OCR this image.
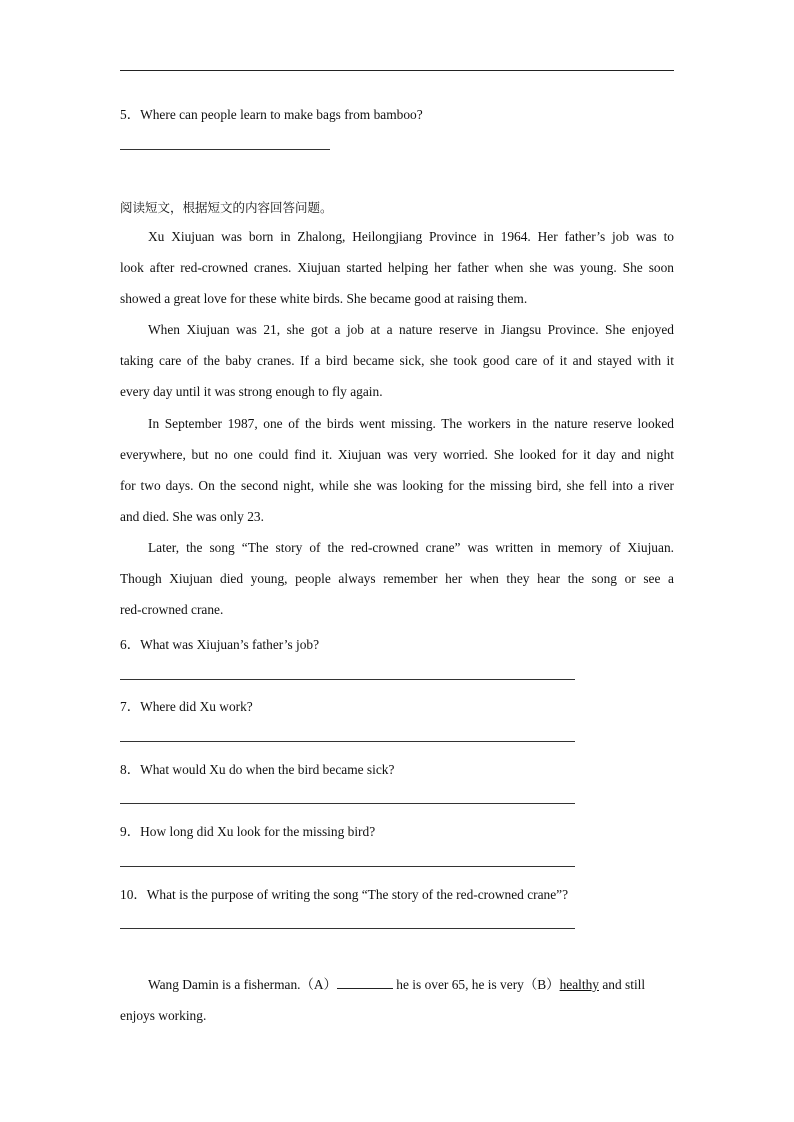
5．Where can people learn to make bags from bamboo?
阅读短文，根据短文的内容回答问题。
Xu Xiujuan was born in Zhalong, Heilongjiang Province in 1964. Her father’s job was to
look after red-crowned cranes. Xiujuan started helping her father when she was young. She soon
showed a great love for these white birds. She became good at raising them.
When Xiujuan was 21, she got a job at a nature reserve in Jiangsu Province. She enjoyed
taking care of the baby cranes. If a bird became sick, she took good care of it and stayed with it
every day until it was strong enough to fly again.
In September 1987, one of the birds went missing. The workers in the nature reserve looked
everywhere, but no one could find it. Xiujuan was very worried. She looked for it day and night
for two days. On the second night, while she was looking for the missing bird, she fell into a river
and died. She was only 23.
Later, the song “The story of the red-crowned crane” was written in memory of Xiujuan.
Though Xiujuan died young, people always remember her when they hear the song or see a
red-crowned crane.
6．What was Xiujuan’s father’s job?
7．Where did Xu work?
8．What would Xu do when the bird became sick?
9．How long did Xu look for the missing bird?
10．What is the purpose of writing the song “The story of the red-crowned crane”?
Wang Damin is a fisherman.（A）	he is over 65, he is very（B）healthy and still
enjoys working.
